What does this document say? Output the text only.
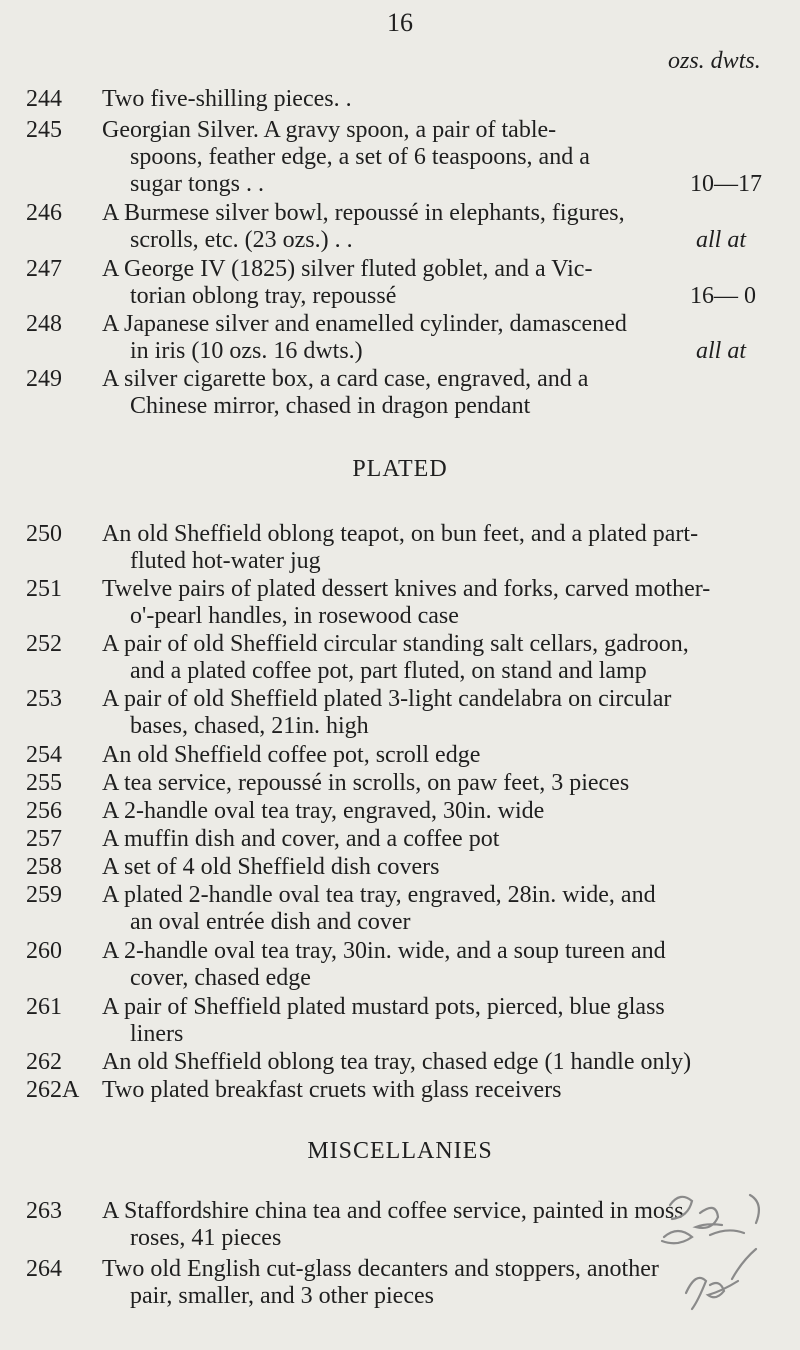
16
ozs. dwts.
244 Two five-shilling pieces. .
245 Georgian Silver. A gravy spoon, a pair of table-
spoons, feather edge, a set of 6 teaspoons, and a
sugar tongs . .	10—17
246 A Burmese silver bowl, repoussé in elephants, figures,
scrolls, etc. (23 ozs.) . .	all at
247 A George IV (1825) silver fluted goblet, and a Vic-
torian oblong tray, repoussé	16— 0
248 A Japanese silver and enamelled cylinder, damascened
in iris (10 ozs. 16 dwts.)	all at
249 A silver cigarette box, a card case, engraved, and a
Chinese mirror, chased in dragon pendant
PLATED
250 An old Sheffield oblong teapot, on bun feet, and a plated part-
fluted hot-water jug
251 Twelve pairs of plated dessert knives and forks, carved mother-
o'-pearl handles, in rosewood case
252 A pair of old Sheffield circular standing salt cellars, gadroon,
and a plated coffee pot, part fluted, on stand and lamp
253 A pair of old Sheffield plated 3-light candelabra on circular
bases, chased, 21in. high
254 An old Sheffield coffee pot, scroll edge
255 A tea service, repoussé in scrolls, on paw feet, 3 pieces
256 A 2-handle oval tea tray, engraved, 30in. wide
257 A muffin dish and cover, and a coffee pot
258 A set of 4 old Sheffield dish covers
259 A plated 2-handle oval tea tray, engraved, 28in. wide, and
an oval entrée dish and cover
260 A 2-handle oval tea tray, 30in. wide, and a soup tureen and
cover, chased edge
261 A pair of Sheffield plated mustard pots, pierced, blue glass
liners
262 An old Sheffield oblong tea tray, chased edge (1 handle only)
262A Two plated breakfast cruets with glass receivers
MISCELLANIES
263 A Staffordshire china tea and coffee service, painted in moss
roses, 41 pieces
264 Two old English cut-glass decanters and stoppers, another
pair, smaller, and 3 other pieces
